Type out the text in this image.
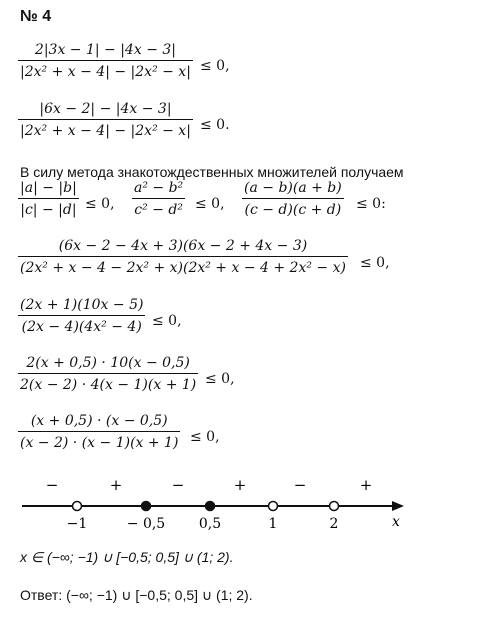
№ 4
2|3x − 1| − |4x − 3|
|2x² + x − 4| − |2x² − x| ≤ 0,
|6x − 2| − |4x − 3|
|2x² + x − 4| − |2x² − x| ≤ 0.
В силу метода знакотождественных множителей получаем
|a| − |b|
|c| − |d| ≤ 0,
a² − b²
c² − d² ≤ 0,
(a − b)(a + b)
(c − d)(c + d) ≤ 0:
(6x − 2 − 4x + 3)(6x − 2 + 4x − 3)
(2x² + x − 4 − 2x² + x)(2x² + x − 4 + 2x² − x) ≤ 0,
(2x + 1)(10x − 5)
(2x − 4)(4x² − 4) ≤ 0,
2(x + 0,5) · 10(x − 0,5)
2(x − 2) · 4(x − 1)(x + 1) ≤ 0,
(x + 0,5) · (x − 0,5)
(x − 2) · (x − 1)(x + 1) ≤ 0,
−	+	−	+	−	+
−1	− 0,5 0,5	1	2	x
x ∈ (−∞; −1) ∪ [−0,5; 0,5] ∪ (1; 2).
Ответ: (−∞; −1) ∪ [−0,5; 0,5] ∪ (1; 2).
